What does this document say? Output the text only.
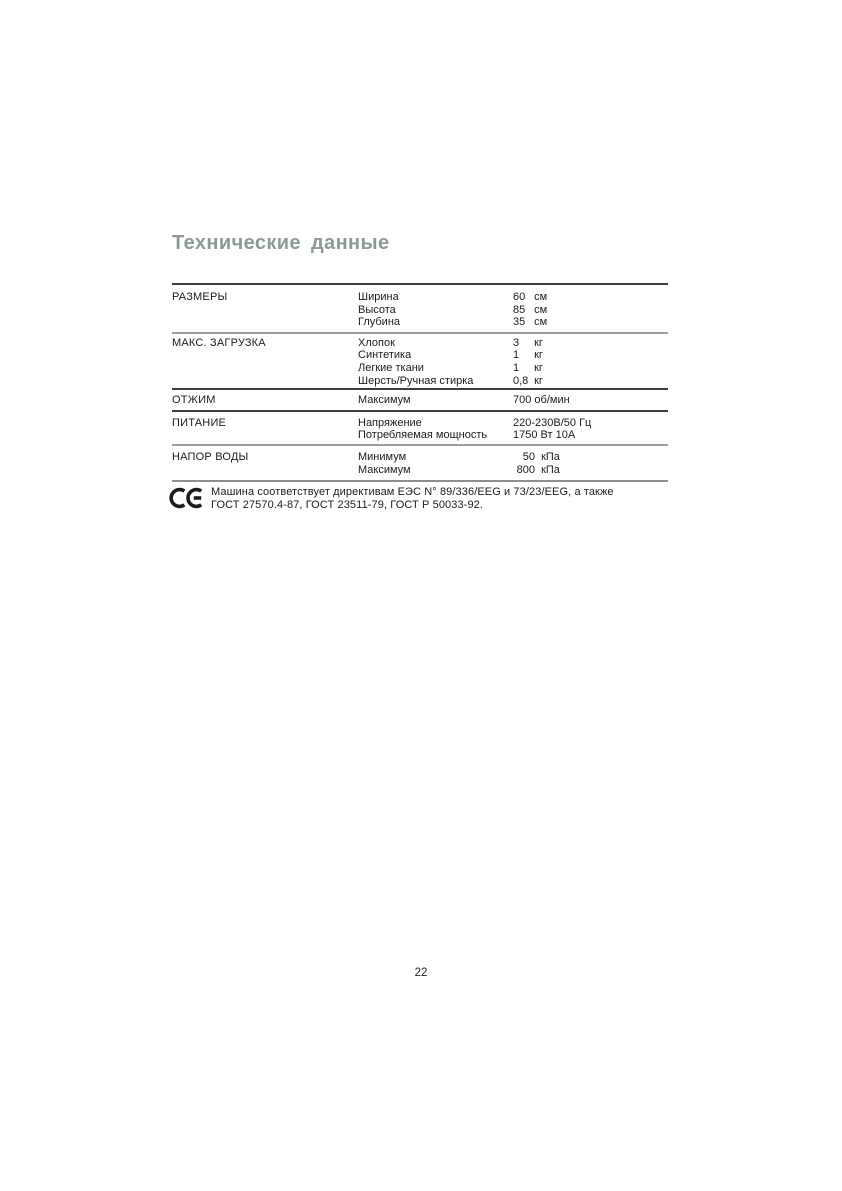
Технические данные
РАЗМЕРЫ	Ширина	60 см
Высота	85 см
Глубина	35 см
МАКС. ЗАГРУЗКА	Хлопок	3 кг
Синтетика	1 кг
Легкие ткани	1 кг
Шерсть/Ручная стирка	0,8 кг
ОТЖИМ	Максимум	700 об/мин
ПИТАНИЕ	Напряжение	220-230В/50 Гц
Потребляемая мощность	1750 Вт 10А
НАПОР ВОДЫ	Минимум	50 кПа
Максимум	800 кПа
Машина соответствует директивам ЕЭС N° 89/336/EEG и 73/23/EEG, а также
ГОСТ 27570.4-87, ГОСТ 23511-79, ГОСТ Р 50033-92.
22
